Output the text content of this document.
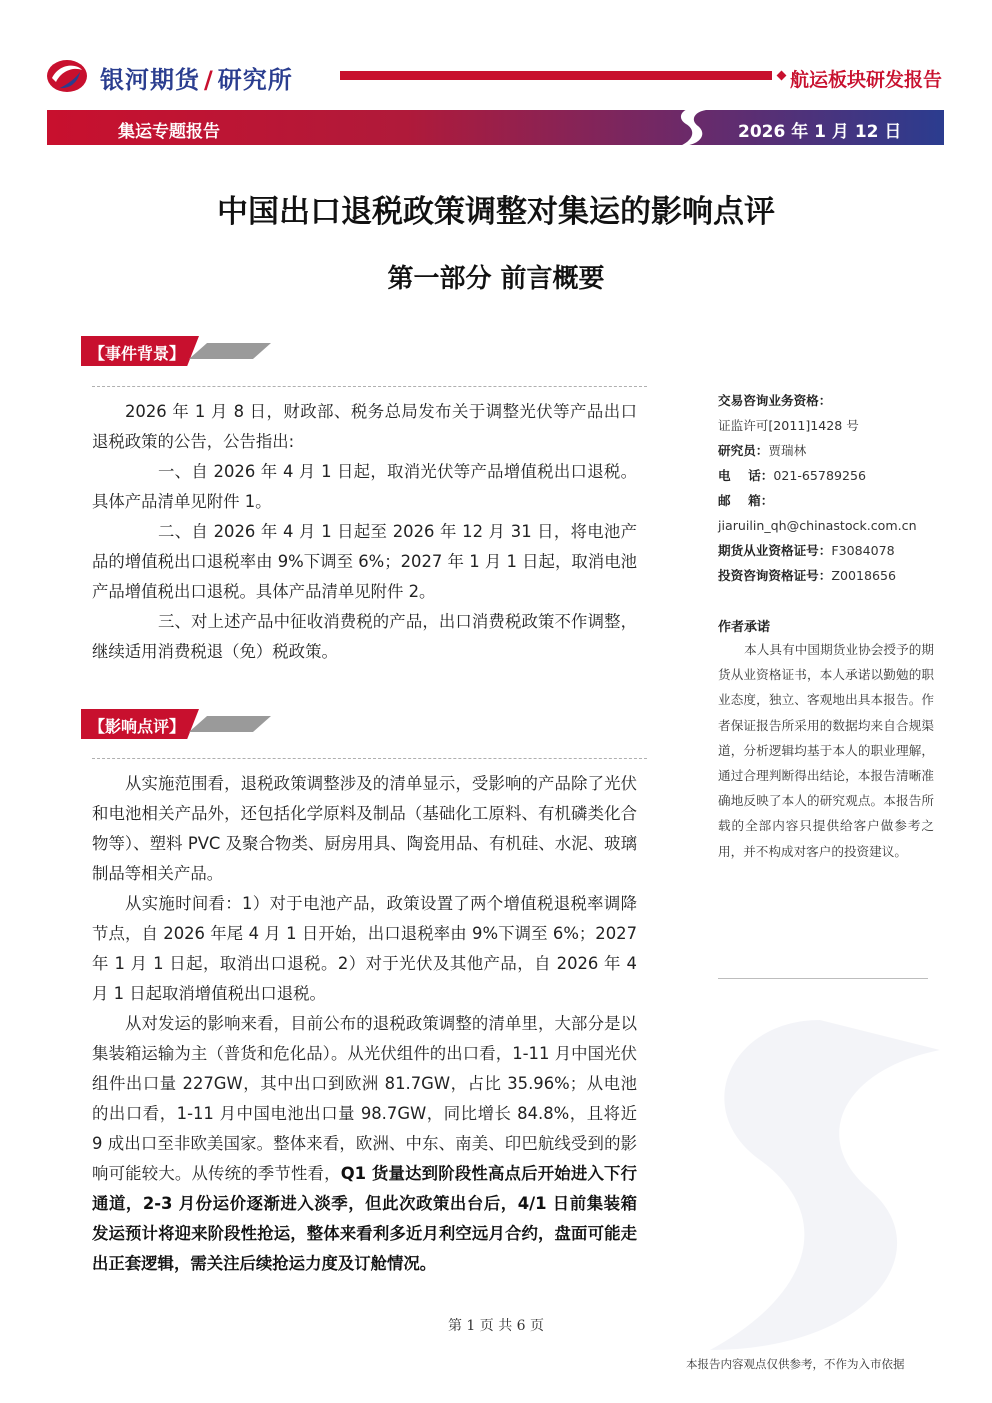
银河期货 / 研究所	航运板块研发报告
集运专题报告	2026 年 1 月 12 日
中国出口退税政策调整对集运的影响点评
第一部分 前言概要
【事件背景】

2026 年 1 月 8 日，财政部、税务总局发布关于调整光伏等产品出口退税政策的公告，公告指出:

一、自 2026 年 4 月 1 日起，取消光伏等产品增值税出口退税。具体产品清单见附件 1。

二、自 2026 年 4 月 1 日起至 2026 年 12 月 31 日，将电池产品的增值税出口退税率由 9%下调至 6%；2027 年 1 月 1 日起，取消电池产品增值税出口退税。具体产品清单见附件 2。

三、对上述产品中征收消费税的产品，出口消费税政策不作调整，继续适用消费税退（免）税政策。

【影响点评】

从实施范围看，退税政策调整涉及的清单显示，受影响的产品除了光伏和电池相关产品外，还包括化学原料及制品（基础化工原料、有机磷类化合物等）、塑料 PVC 及聚合物类、厨房用具、陶瓷用品、有机硅、水泥、玻璃制品等相关产品。

从实施时间看：1）对于电池产品，政策设置了两个增值税退税率调降节点，自 2026 年尾 4 月 1 日开始，出口退税率由 9%下调至 6%；2027 年 1 月 1 日起，取消出口退税。2）对于光伏及其他产品，自 2026 年 4 月 1 日起取消增值税出口退税。

从对发运的影响来看，目前公布的退税政策调整的清单里，大部分是以集装箱运输为主（普货和危化品）。从光伏组件的出口看，1-11 月中国光伏组件出口量 227GW，其中出口到欧洲 81.7GW，占比 35.96%；从电池的出口看，1-11 月中国电池出口量 98.7GW，同比增长 84.8%，且将近 9 成出口至非欧美国家。整体来看，欧洲、中东、南美、印巴航线受到的影响可能较大。从传统的季节性看，Q1 货量达到阶段性高点后开始进入下行通道，2-3 月份运价逐渐进入淡季，但此次政策出台后，4/1 日前集装箱发运预计将迎来阶段性抢运，整体来看利多近月利空远月合约，盘面可能走出正套逻辑，需关注后续抢运力度及订舱情况。

交易咨询业务资格：
证监许可[2011]1428 号
研究员：贾瑞林
电    话：021-65789256
邮    箱：
jiaruilin_qh@chinastock.com.cn
期货从业资格证号：F3084078
投资咨询资格证号：Z0018656
作者承诺
本人具有中国期货业协会授予的期货从业资格证书，本人承诺以勤勉的职业态度，独立、客观地出具本报告。作者保证报告所采用的数据均来自合规渠道，分析逻辑均基于本人的职业理解，通过合理判断得出结论，本报告清晰准确地反映了本人的研究观点。本报告所载的全部内容只提供给客户做参考之用，并不构成对客户的投资建议。
第 1 页 共 6 页
本报告内容观点仅供参考，不作为入市依据
